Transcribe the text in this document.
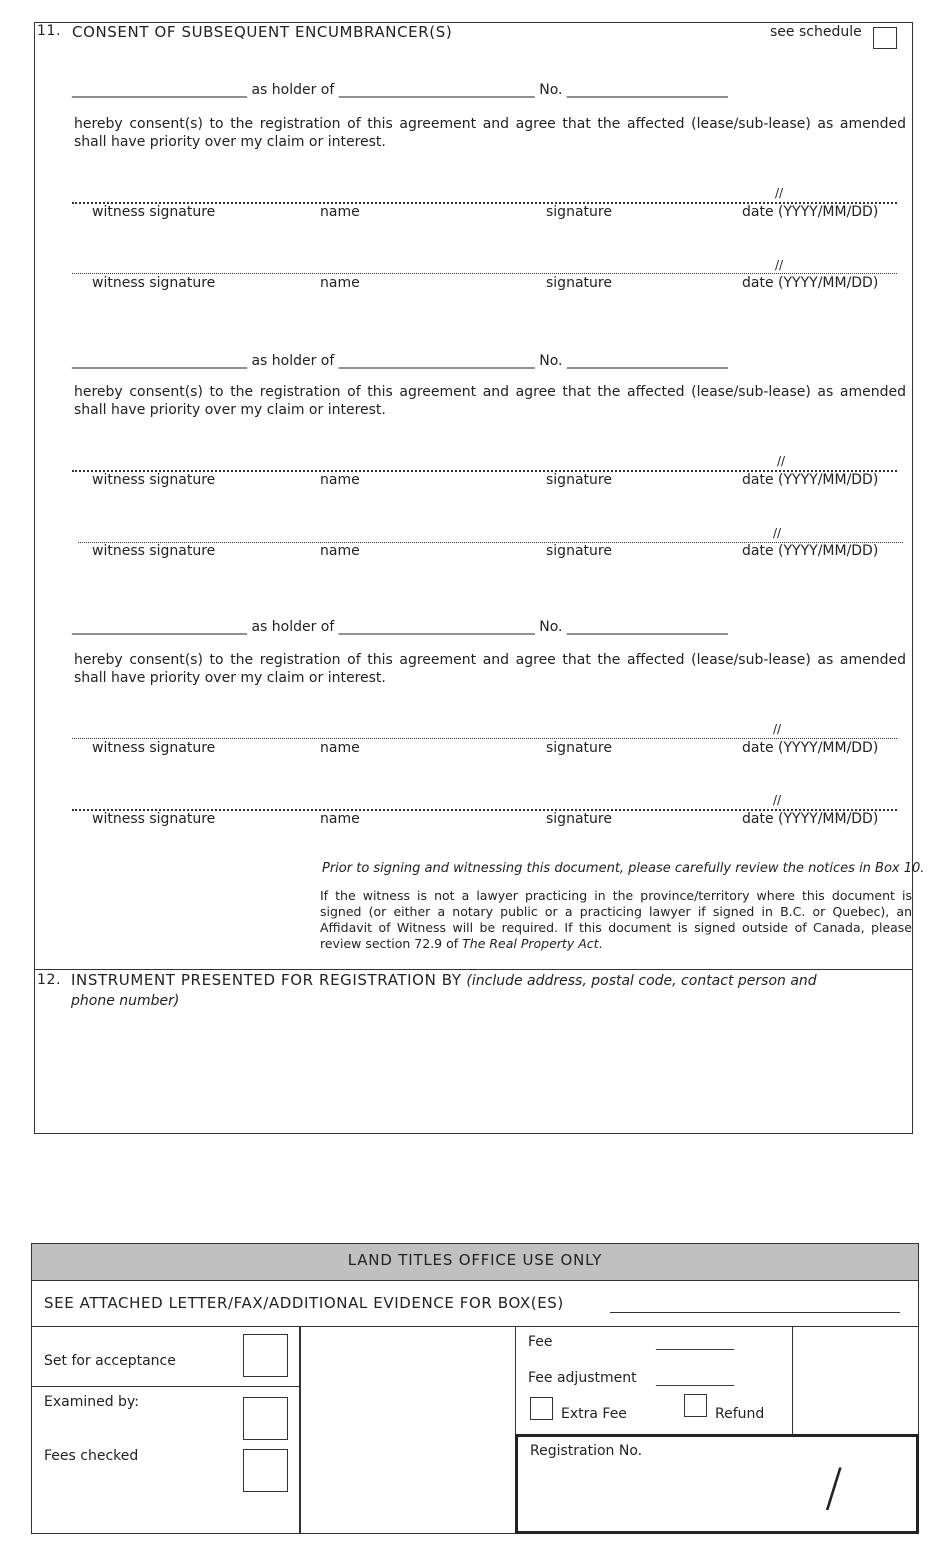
11. CONSENT OF SUBSEQUENT ENCUMBRANCER(S)	see schedule
_________________________ as holder of ____________________________ No. _______________________
hereby consent(s) to the registration of this agreement and agree that the affected (lease/sub-lease) as amended shall have priority over my claim or interest.
//
witness signature	name	signature	date (YYYY/MM/DD)
//
witness signature	name	signature	date (YYYY/MM/DD)
_________________________ as holder of ____________________________ No. _______________________
hereby consent(s) to the registration of this agreement and agree that the affected (lease/sub-lease) as amended shall have priority over my claim or interest.
//
witness signature	name	signature	date (YYYY/MM/DD)
//
witness signature	name	signature	date (YYYY/MM/DD)
_________________________ as holder of ____________________________ No. _______________________
hereby consent(s) to the registration of this agreement and agree that the affected (lease/sub-lease) as amended shall have priority over my claim or interest.
//
witness signature	name	signature	date (YYYY/MM/DD)
//
witness signature	name	signature	date (YYYY/MM/DD)
Prior to signing and witnessing this document, please carefully review the notices in Box 10.
If the witness is not a lawyer practicing in the province/territory where this document is signed (or either a notary public or a practicing lawyer if signed in B.C. or Quebec), an Affidavit of Witness will be required. If this document is signed outside of Canada, please review section 72.9 of The Real Property Act.
12. INSTRUMENT PRESENTED FOR REGISTRATION BY (include address, postal code, contact person and
phone number)
LAND TITLES OFFICE USE ONLY
SEE ATTACHED LETTER/FAX/ADDITIONAL EVIDENCE FOR BOX(ES)
Set for acceptance
Examined by:
Fees checked
Fee	_____________
Fee adjustment _____________
Extra Fee	Refund
Registration No.
/
